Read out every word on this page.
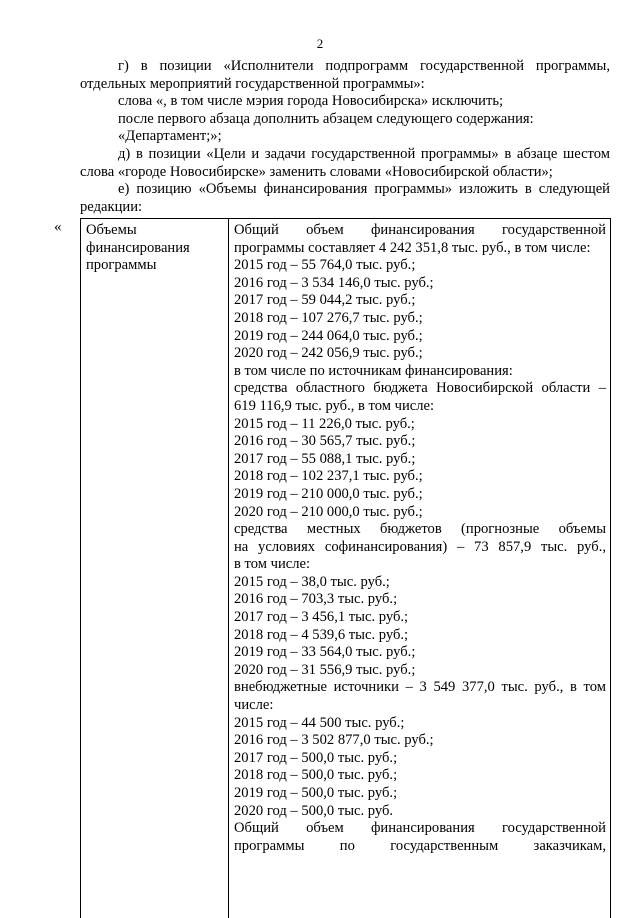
2

г) в позиции «Исполнители подпрограмм государственной программы,

отдельных мероприятий государственной программы»:

слова «, в том числе мэрия города Новосибирска» исключить;

после первого абзаца дополнить абзацем следующего содержания:

«Департамент;»;

д) в позиции «Цели и задачи государственной программы» в абзаце шестом

слова «городе Новосибирске» заменить словами «Новосибирской области»;

е) позицию «Объемы финансирования программы» изложить в следующей

редакции:

« Объемы
финансирования
программы
Общий объем финансирования государственной
программы составляет 4 242 351,8 тыс. руб., в том числе:
2015 год – 55 764,0 тыс. руб.;
2016 год – 3 534 146,0 тыс. руб.;
2017 год – 59 044,2 тыс. руб.;
2018 год – 107 276,7 тыс. руб.;
2019 год – 244 064,0 тыс. руб.;
2020 год – 242 056,9 тыс. руб.;
в том числе по источникам финансирования:
средства областного бюджета Новосибирской области –
619 116,9 тыс. руб., в том числе:
2015 год – 11 226,0 тыс. руб.;
2016 год – 30 565,7 тыс. руб.;
2017 год – 55 088,1 тыс. руб.;
2018 год – 102 237,1 тыс. руб.;
2019 год – 210 000,0 тыс. руб.;
2020 год – 210 000,0 тыс. руб.;
средства местных бюджетов (прогнозные объемы
на условиях софинансирования) – 73 857,9 тыс. руб.,
в том числе:
2015 год – 38,0 тыс. руб.;
2016 год – 703,3 тыс. руб.;
2017 год – 3 456,1 тыс. руб.;
2018 год – 4 539,6 тыс. руб.;
2019 год – 33 564,0 тыс. руб.;
2020 год – 31 556,9 тыс. руб.;
внебюджетные источники – 3 549 377,0 тыс. руб., в том
числе:
2015 год – 44 500 тыс. руб.;
2016 год – 3 502 877,0 тыс. руб.;
2017 год – 500,0 тыс. руб.;
2018 год – 500,0 тыс. руб.;
2019 год – 500,0 тыс. руб.;
2020 год – 500,0 тыс. руб.
Общий объем финансирования государственной
программы по государственным заказчикам,
